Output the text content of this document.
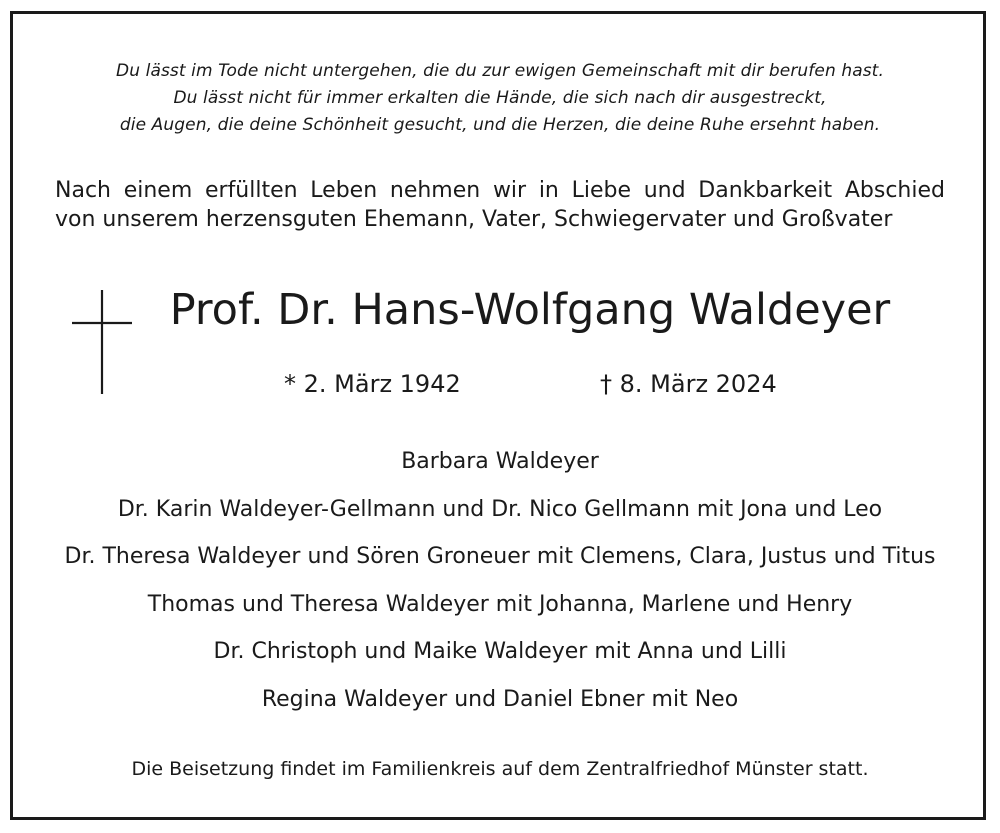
Du lässt im Tode nicht untergehen, die du zur ewigen Gemeinschaft mit dir berufen hast.
Du lässt nicht für immer erkalten die Hände, die sich nach dir ausgestreckt,
die Augen, die deine Schönheit gesucht, und die Herzen, die deine Ruhe ersehnt haben.
Nach einem erfüllten Leben nehmen wir in Liebe und Dankbarkeit Abschied
von unserem herzensguten Ehemann, Vater, Schwiegervater und Großvater
Prof. Dr. Hans-Wolfgang Waldeyer
* 2. März 1942	† 8. März 2024
Barbara Waldeyer
Dr. Karin Waldeyer-Gellmann und Dr. Nico Gellmann mit Jona und Leo
Dr. Theresa Waldeyer und Sören Groneuer mit Clemens, Clara, Justus und Titus
Thomas und Theresa Waldeyer mit Johanna, Marlene und Henry
Dr. Christoph und Maike Waldeyer mit Anna und Lilli
Regina Waldeyer und Daniel Ebner mit Neo
Die Beisetzung findet im Familienkreis auf dem Zentralfriedhof Münster statt.
